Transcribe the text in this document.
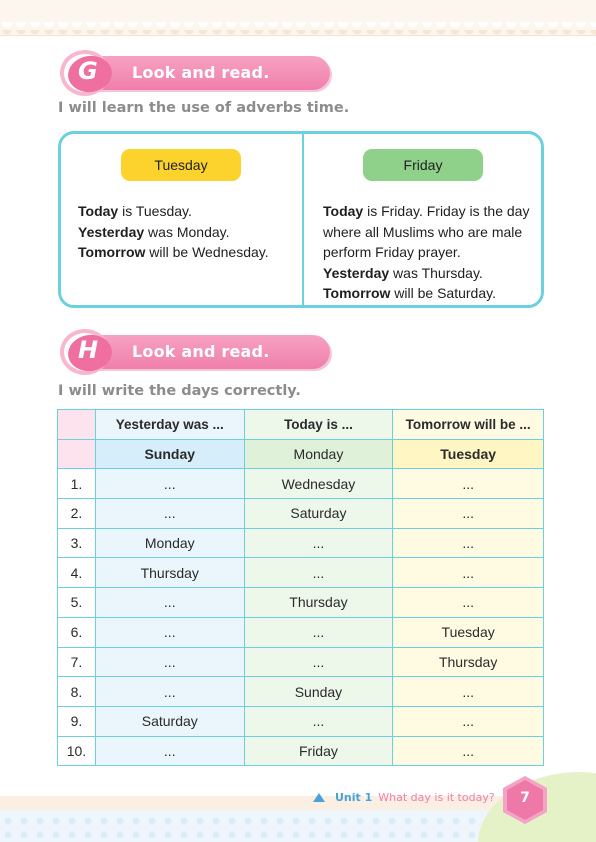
G Look and read.
I will learn the use of adverbs time.
Tuesday	Friday
Today is Tuesday.
Yesterday was Monday.
Tomorrow will be Wednesday.
Today is Friday. Friday is the day
where all Muslims who are male
perform Friday prayer.
Yesterday was Thursday.
Tomorrow will be Saturday.
H Look and read.
I will write the days correctly.
	Yesterday was ...	Today is ...	Tomorrow will be ...
	Sunday	Monday	Tuesday
1.	...	Wednesday	...
2.	...	Saturday	...
3.	Monday	...	...
4.	Thursday	...	...
5.	...	Thursday	...
6.	...	...	Tuesday
7.	...	...	Thursday
8.	...	Sunday	...
9.	Saturday	...	...
10.	...	Friday	...
Unit 1 What day is it today?	7
